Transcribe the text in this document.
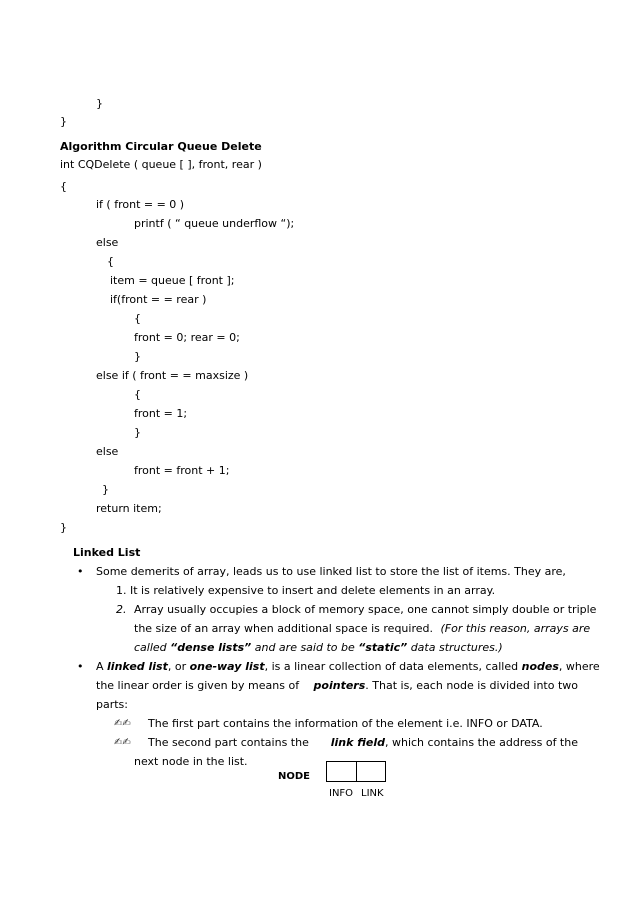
}
}
Algorithm Circular Queue Delete
int CQDelete ( queue [ ], front, rear )
{
if ( front = = 0 )
printf ( “ queue underflow “);
else
{
item = queue [ front ];
if(front = = rear )
{
front = 0; rear = 0;
}
else if ( front = = maxsize )
{
front = 1;
}
else
front = front + 1;
}
return item;
}
Linked List
• Some demerits of array, leads us to use linked list to store the list of items. They are,
1. It is relatively expensive to insert and delete elements in an array.
2. Array usually occupies a block of memory space, one cannot simply double or triple
the size of an array when additional space is required. (For this reason, arrays are
called “dense lists” and are said to be “static” data structures.)
• A linked list, or one-way list, is a linear collection of data elements, called nodes, where
the linear order is given by means of pointers. That is, each node is divided into two
parts:
✍✍ The first part contains the information of the element i.e. INFO or DATA.
✍✍ The second part contains the link field, which contains the address of the
next node in the list.
NODE
INFO LINK
